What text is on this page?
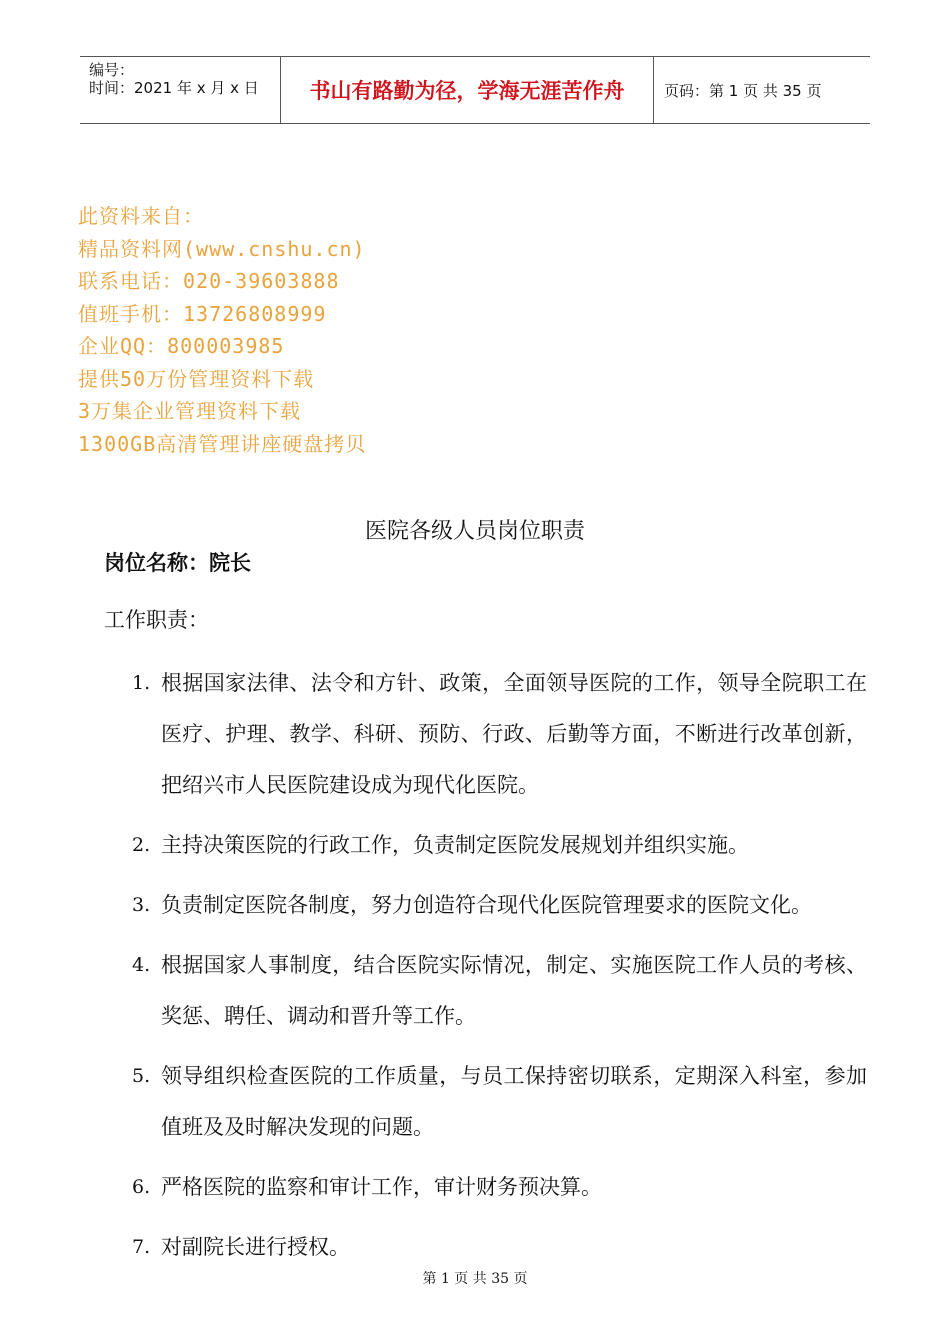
编号：
时间：2021 年 x 月 x 日	书山有路勤为径，学海无涯苦作舟	页码：第 1 页 共 35 页
此资料来自：
精品资料网(www.cnshu.cn)
联系电话：020-39603888
值班手机：13726808999
企业QQ：800003985
提供50万份管理资料下载
3万集企业管理资料下载
1300GB高清管理讲座硬盘拷贝
医院各级人员岗位职责
岗位名称：院长
工作职责：
1. 根据国家法律、法令和方针、政策，全面领导医院的工作，领导全院职工在医疗、护理、教学、科研、预防、行政、后勤等方面，不断进行改革创新，把绍兴市人民医院建设成为现代化医院。
2. 主持决策医院的行政工作，负责制定医院发展规划并组织实施。
3. 负责制定医院各制度，努力创造符合现代化医院管理要求的医院文化。
4. 根据国家人事制度，结合医院实际情况，制定、实施医院工作人员的考核、奖惩、聘任、调动和晋升等工作。
5. 领导组织检查医院的工作质量，与员工保持密切联系，定期深入科室，参加值班及及时解决发现的问题。
6. 严格医院的监察和审计工作，审计财务预决算。
7. 对副院长进行授权。
第 1 页 共 35 页
